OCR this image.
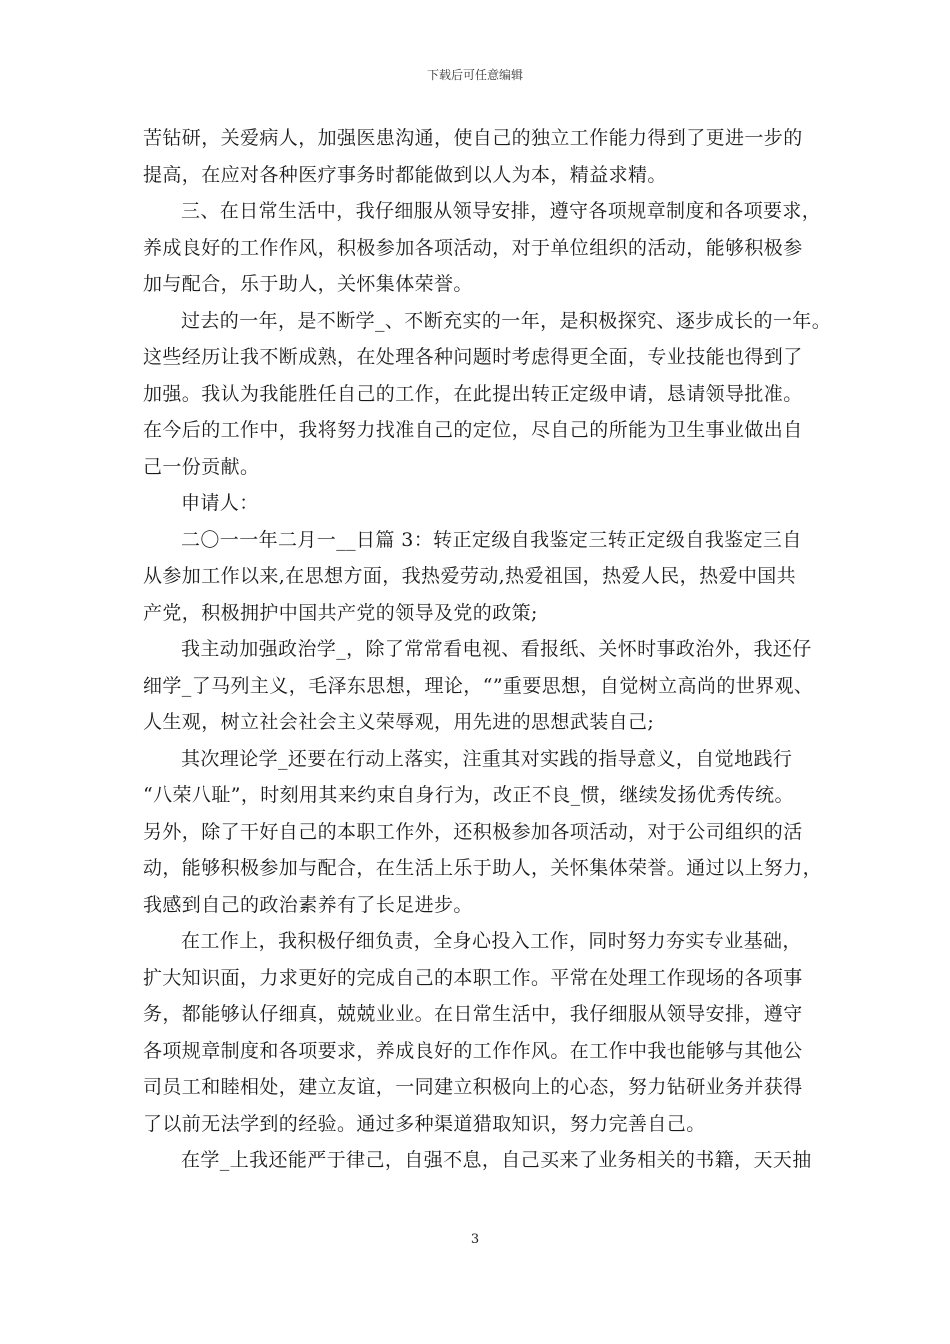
下载后可任意编辑
苦钻研，关爱病人，加强医患沟通，使自己的独立工作能力得到了更进一步的
提高，在应对各种医疗事务时都能做到以人为本，精益求精。
三、在日常生活中，我仔细服从领导安排，遵守各项规章制度和各项要求，
养成良好的工作作风，积极参加各项活动，对于单位组织的活动，能够积极参
加与配合，乐于助人，关怀集体荣誉。
过去的一年，是不断学_、不断充实的一年，是积极探究、逐步成长的一年。
这些经历让我不断成熟，在处理各种问题时考虑得更全面，专业技能也得到了
加强。我认为我能胜任自己的工作，在此提出转正定级申请，恳请领导批准。
在今后的工作中，我将努力找准自己的定位，尽自己的所能为卫生事业做出自
己一份贡献。
申请人：
二〇一一年二月一__日篇 3：转正定级自我鉴定三转正定级自我鉴定三自
从参加工作以来,在思想方面，我热爱劳动,热爱祖国，热爱人民，热爱中国共
产党，积极拥护中国共产党的领导及党的政策;
我主动加强政治学_，除了常常看电视、看报纸、关怀时事政治外，我还仔
细学_了马列主义，毛泽东思想，理论，“”重要思想，自觉树立高尚的世界观、
人生观，树立社会社会主义荣辱观，用先进的思想武装自己;
其次理论学_还要在行动上落实，注重其对实践的指导意义，自觉地践行
“八荣八耻”，时刻用其来约束自身行为，改正不良_惯，继续发扬优秀传统。
另外，除了干好自己的本职工作外，还积极参加各项活动，对于公司组织的活
动，能够积极参加与配合，在生活上乐于助人，关怀集体荣誉。通过以上努力，
我感到自己的政治素养有了长足进步。
在工作上，我积极仔细负责，全身心投入工作，同时努力夯实专业基础，
扩大知识面，力求更好的完成自己的本职工作。平常在处理工作现场的各项事
务，都能够认仔细真，兢兢业业。在日常生活中，我仔细服从领导安排，遵守
各项规章制度和各项要求，养成良好的工作作风。在工作中我也能够与其他公
司员工和睦相处，建立友谊，一同建立积极向上的心态，努力钻研业务并获得
了以前无法学到的经验。通过多种渠道猎取知识，努力完善自己。
在学_上我还能严于律己，自强不息，自己买来了业务相关的书籍，天天抽
3
